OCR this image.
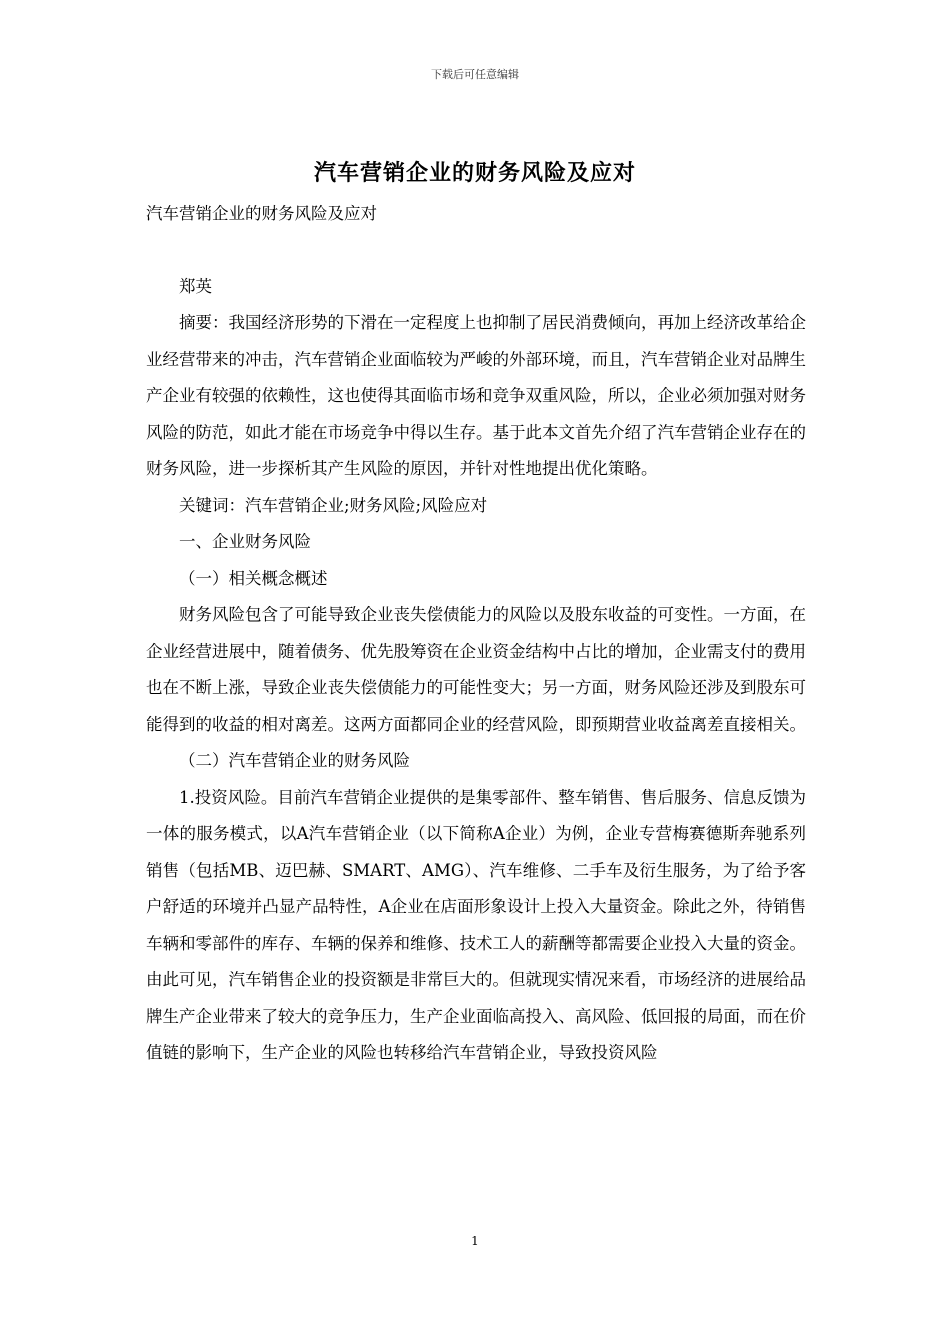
下载后可任意编辑
汽车营销企业的财务风险及应对

汽车营销企业的财务风险及应对

郑英

摘要：我国经济形势的下滑在一定程度上也抑制了居民消费倾向，再加上经济改革给企业经营带来的冲击，汽车营销企业面临较为严峻的外部环境，而且，汽车营销企业对品牌生产企业有较强的依赖性，这也使得其面临市场和竞争双重风险，所以，企业必须加强对财务风险的防范，如此才能在市场竞争中得以生存。基于此本文首先介绍了汽车营销企业存在的财务风险，进一步探析其产生风险的原因，并针对性地提出优化策略。

关键词：汽车营销企业;财务风险;风险应对

一、企业财务风险

（一）相关概念概述

财务风险包含了可能导致企业丧失偿债能力的风险以及股东收益的可变性。一方面，在企业经营进展中，随着债务、优先股筹资在企业资金结构中占比的增加，企业需支付的费用也在不断上涨，导致企业丧失偿债能力的可能性变大；另一方面，财务风险还涉及到股东可能得到的收益的相对离差。这两方面都同企业的经营风险，即预期营业收益离差直接相关。

（二）汽车营销企业的财务风险

1.投资风险。目前汽车营销企业提供的是集零部件、整车销售、售后服务、信息反馈为一体的服务模式，以A汽车营销企业（以下简称A企业）为例，企业专营梅赛德斯奔驰系列销售（包括MB、迈巴赫、SMART、AMG）、汽车维修、二手车及衍生服务，为了给予客户舒适的环境并凸显产品特性，A企业在店面形象设计上投入大量资金。除此之外，待销售车辆和零部件的库存、车辆的保养和维修、技术工人的薪酬等都需要企业投入大量的资金。由此可见，汽车销售企业的投资额是非常巨大的。但就现实情况来看，市场经济的进展给品牌生产企业带来了较大的竞争压力，生产企业面临高投入、高风险、低回报的局面，而在价值链的影响下，生产企业的风险也转移给汽车营销企业，导致投资风险

1
